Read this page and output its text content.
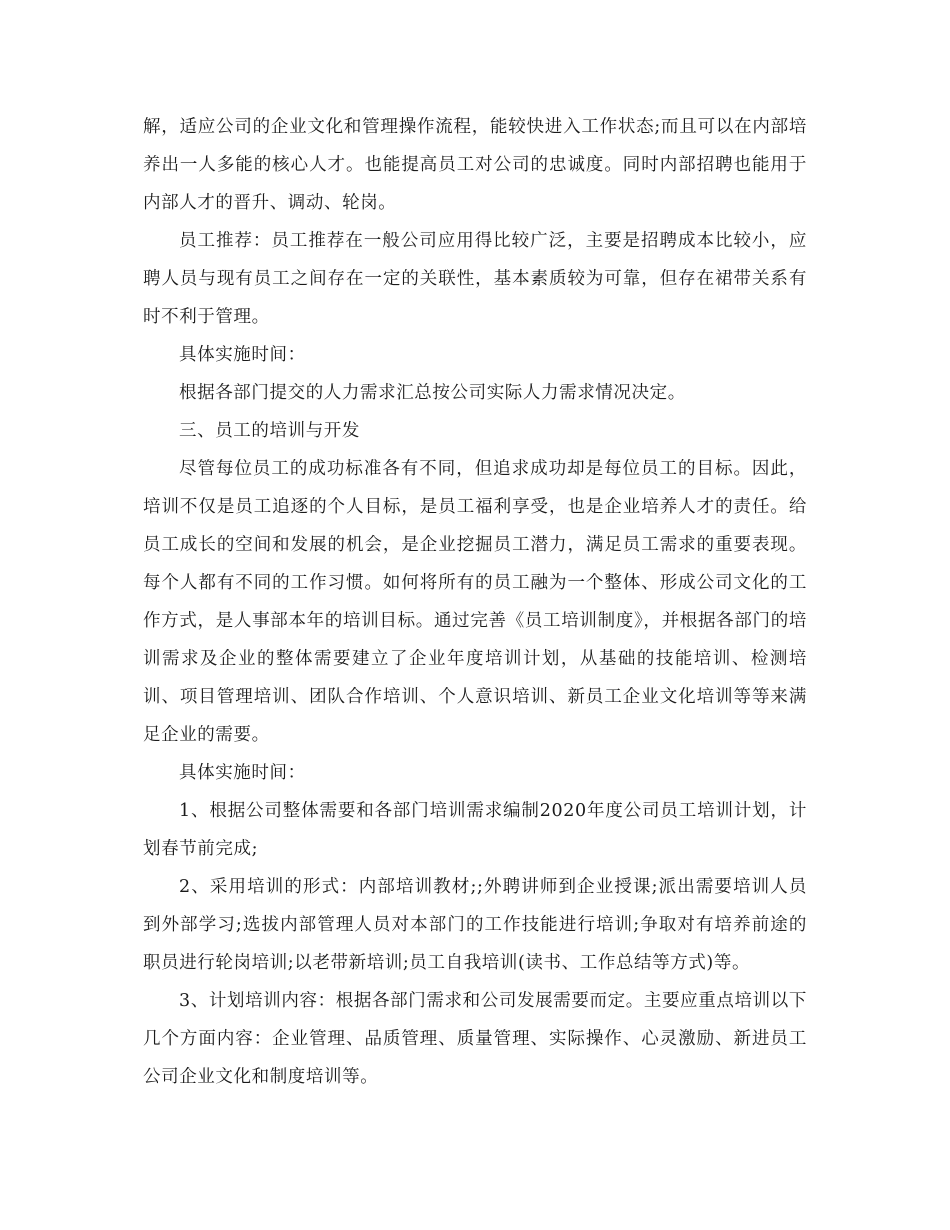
解，适应公司的企业文化和管理操作流程，能较快进入工作状态;而且可以在内部培养出一人多能的核心人才。也能提高员工对公司的忠诚度。同时内部招聘也能用于内部人才的晋升、调动、轮岗。

员工推荐：员工推荐在一般公司应用得比较广泛，主要是招聘成本比较小，应聘人员与现有员工之间存在一定的关联性，基本素质较为可靠，但存在裙带关系有时不利于管理。

具体实施时间：

根据各部门提交的人力需求汇总按公司实际人力需求情况决定。

三、员工的培训与开发

尽管每位员工的成功标准各有不同，但追求成功却是每位员工的目标。因此，培训不仅是员工追逐的个人目标，是员工福利享受，也是企业培养人才的责任。给员工成长的空间和发展的机会，是企业挖掘员工潜力，满足员工需求的重要表现。每个人都有不同的工作习惯。如何将所有的员工融为一个整体、形成公司文化的工作方式，是人事部本年的培训目标。通过完善《员工培训制度》，并根据各部门的培训需求及企业的整体需要建立了企业年度培训计划，从基础的技能培训、检测培训、项目管理培训、团队合作培训、个人意识培训、新员工企业文化培训等等来满足企业的需要。

具体实施时间：

1、根据公司整体需要和各部门培训需求编制2020年度公司员工培训计划，计划春节前完成;

2、采用培训的形式：内部培训教材;;外聘讲师到企业授课;派出需要培训人员到外部学习;选拔内部管理人员对本部门的工作技能进行培训;争取对有培养前途的职员进行轮岗培训;以老带新培训;员工自我培训(读书、工作总结等方式)等。

3、计划培训内容：根据各部门需求和公司发展需要而定。主要应重点培训以下几个方面内容：企业管理、品质管理、质量管理、实际操作、心灵激励、新进员工公司企业文化和制度培训等。
